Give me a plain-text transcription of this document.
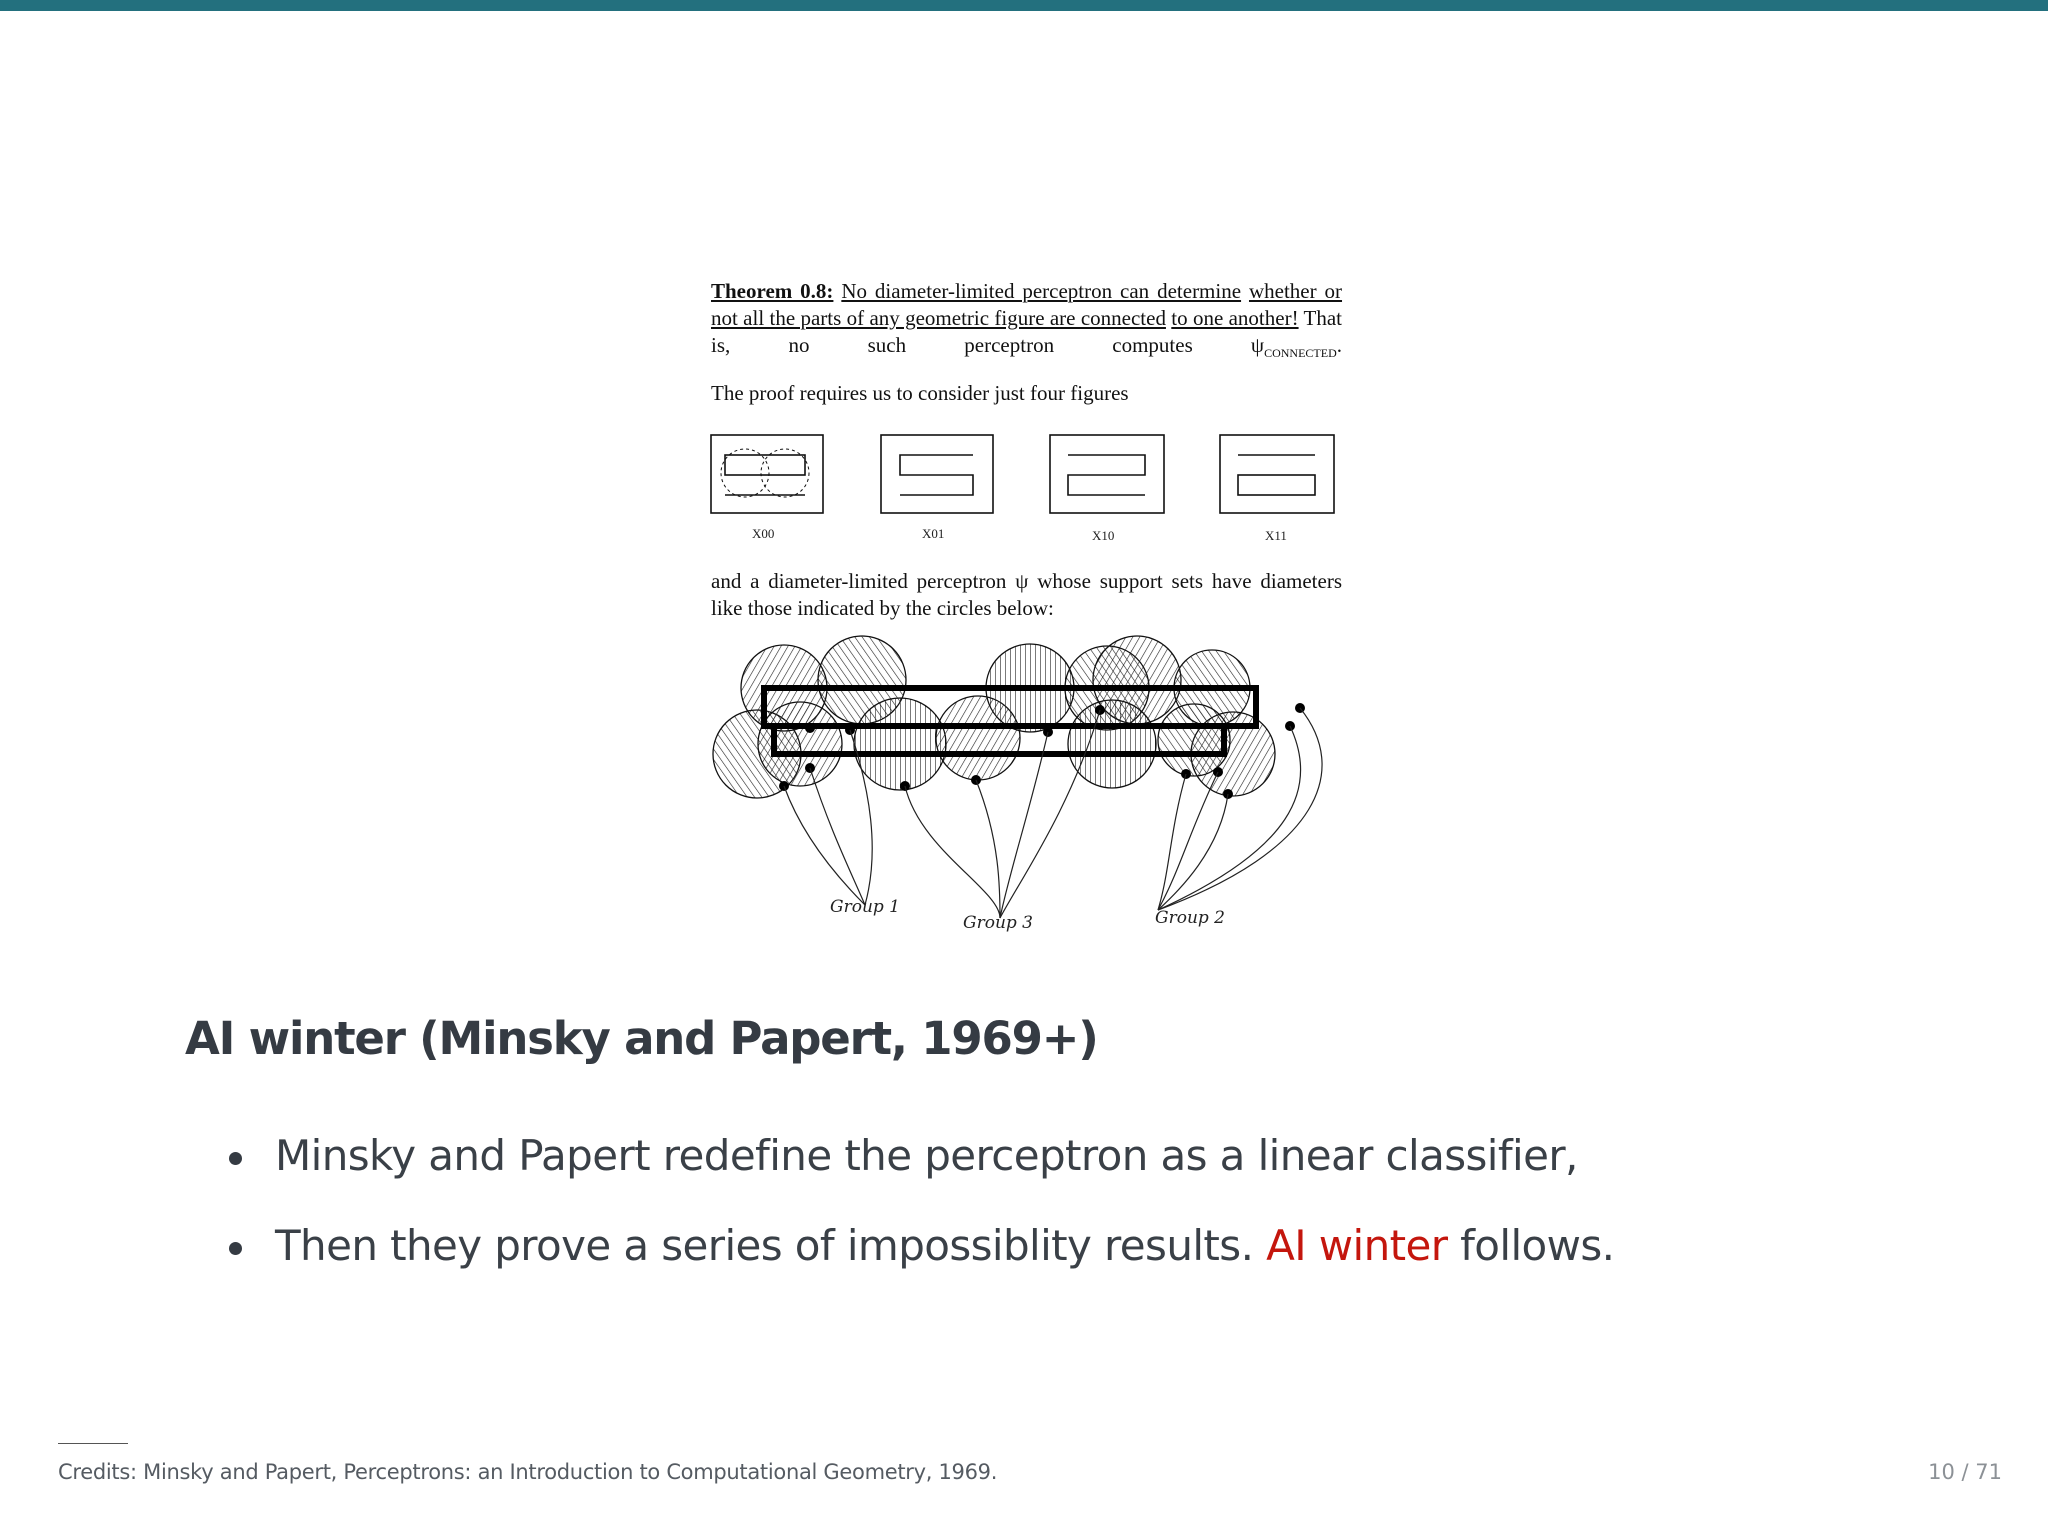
Theorem 0.8: No diameter-limited perceptron can determine whether or not all the parts of any geometric figure are connected to one another! That is, no such perceptron computes $\psi_{CONNECTED}$.

The proof requires us to consider just four figures

and a diameter-limited perceptron ψ whose support sets have diameters like those indicated by the circles below:

X00	X01	X10	X11
Group 1
Group 3	Group 2
AI winter (Minsky and Papert, 1969+)
Minsky and Papert redefine the perceptron as a linear classifier,
Then they prove a series of impossiblity results. AI winter follows.
Credits: Minsky and Papert, Perceptrons: an Introduction to Computational Geometry, 1969.	10 / 71
